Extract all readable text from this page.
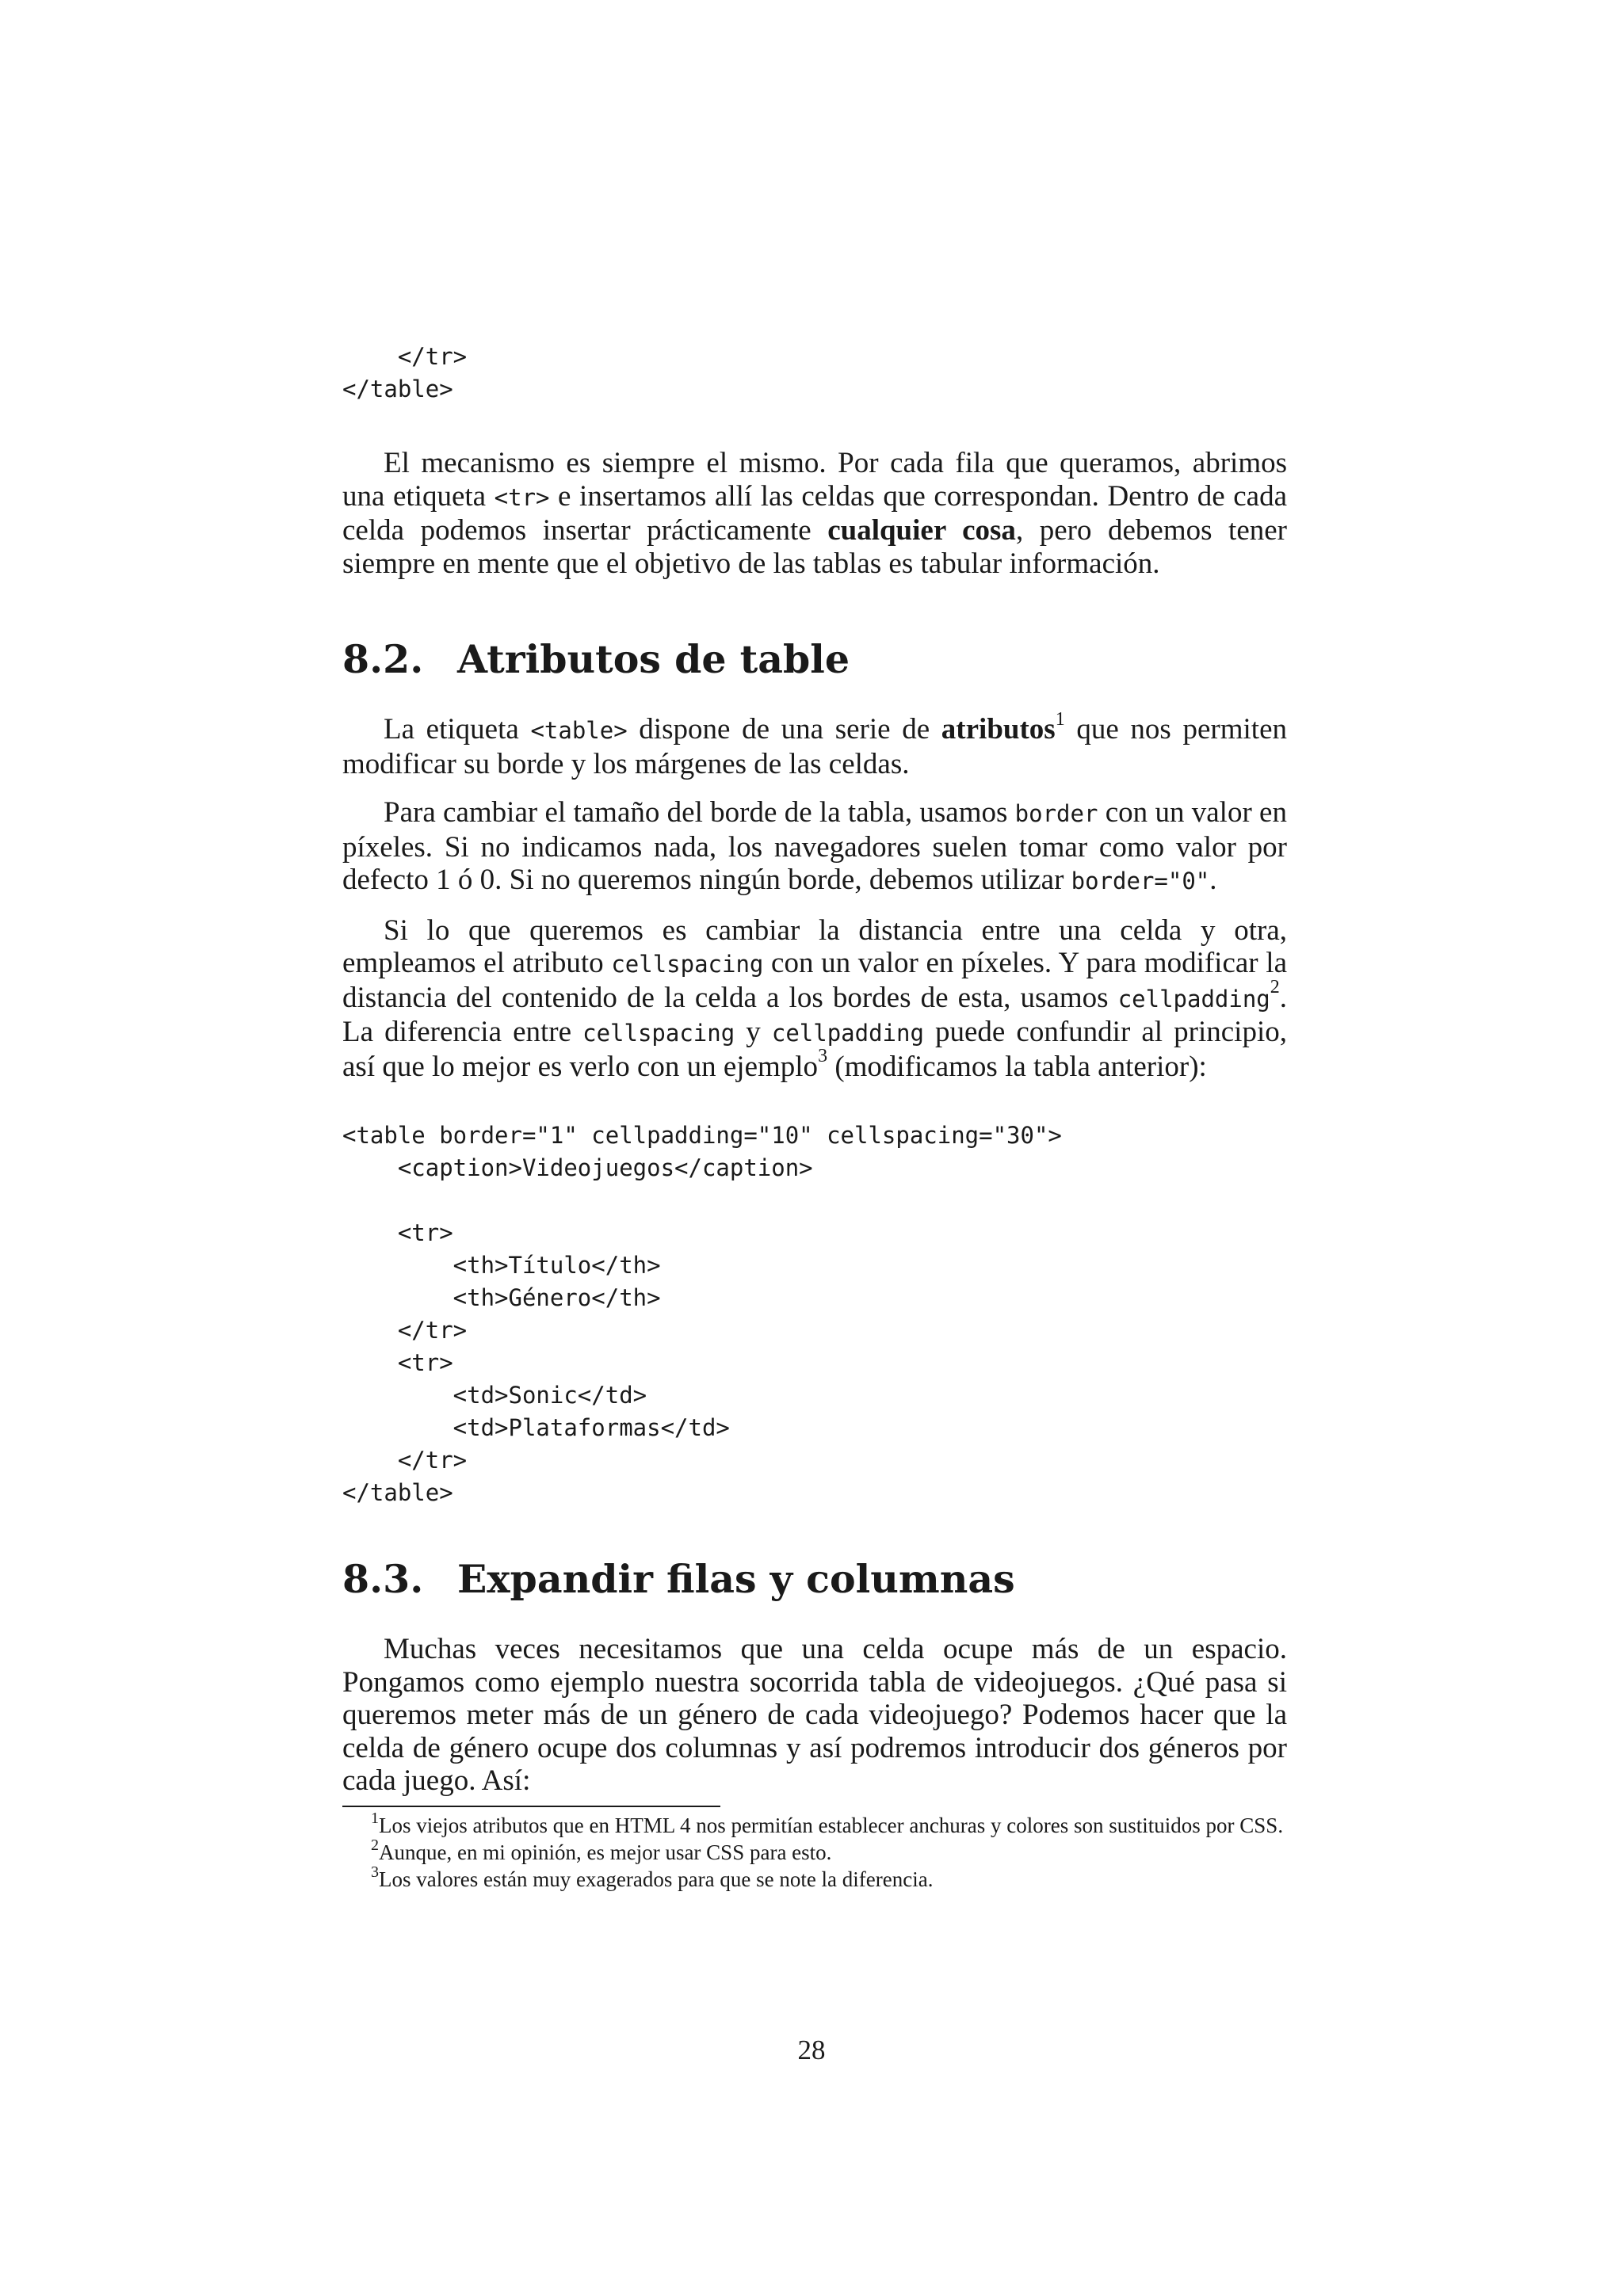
</tr>
</table>

El mecanismo es siempre el mismo. Por cada fila que queramos, abrimos una etiqueta <tr> e insertamos allí las celdas que correspondan. Dentro de cada celda podemos insertar prácticamente cualquier cosa, pero debemos tener siempre en mente que el objetivo de las tablas es tabular información.

8.2. Atributos de table

La etiqueta <table> dispone de una serie de atributos$^1$ que nos permiten modificar su borde y los márgenes de las celdas.

Para cambiar el tamaño del borde de la tabla, usamos border con un valor en píxeles. Si no indicamos nada, los navegadores suelen tomar como valor por defecto 1 ó 0. Si no queremos ningún borde, debemos utilizar border="0".

Si lo que queremos es cambiar la distancia entre una celda y otra, empleamos el atributo cellspacing con un valor en píxeles. Y para modificar la distancia del contenido de la celda a los bordes de esta, usamos cellpadding$^2$. La diferencia entre cellspacing y cellpadding puede confundir al principio, así que lo mejor es verlo con un ejemplo$^3$ (modificamos la tabla anterior):

<table border="1" cellpadding="10" cellspacing="30">
<caption>Videojuegos</caption>

<tr>
<th>Título</th>
<th>Género</th>
</tr>
<tr>
<td>Sonic</td>
<td>Plataformas</td>
</tr>
</table>
8.3. Expandir filas y columnas

Muchas veces necesitamos que una celda ocupe más de un espacio. Pongamos como ejemplo nuestra socorrida tabla de videojuegos. ¿Qué pasa si queremos meter más de un género de cada videojuego? Podemos hacer que la celda de género ocupe dos columnas y así podremos introducir dos géneros por cada juego. Así:

$^1$Los viejos atributos que en HTML 4 nos permitían establecer anchuras y colores son sustituidos por CSS.

$^2$Aunque, en mi opinión, es mejor usar CSS para esto.

$^3$Los valores están muy exagerados para que se note la diferencia.

28
